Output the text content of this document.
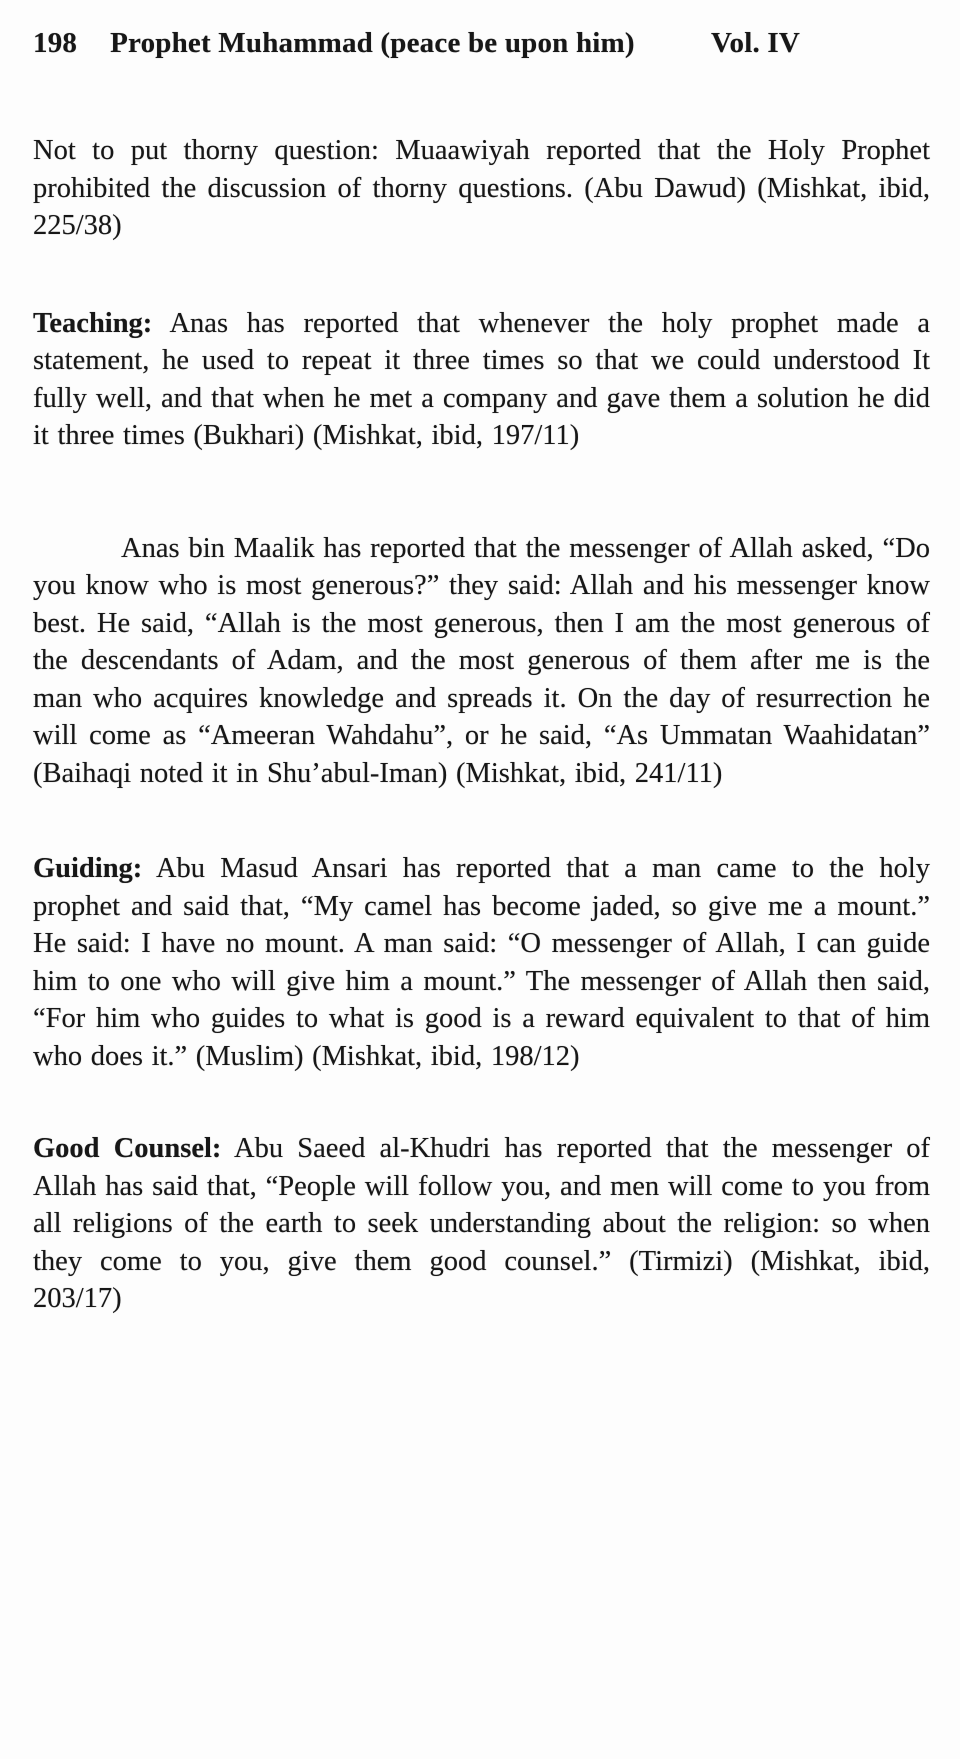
198 Prophet Muhammad (peace be upon him)	Vol. IV

Not to put thorny question: Muaawiyah reported that the Holy Prophet prohibited the discussion of thorny questions. (Abu Dawud) (Mishkat, ibid, 225/38)

Teaching: Anas has reported that whenever the holy prophet made a statement, he used to repeat it three times so that we could understood It fully well, and that when he met a company and gave them a solution he did it three times (Bukhari) (Mishkat, ibid, 197/11)

Anas bin Maalik has reported that the messenger of Allah asked, “Do you know who is most generous?” they said: Allah and his messenger know best. He said, “Allah is the most generous, then I am the most generous of the descendants of Adam, and the most generous of them after me is the man who acquires knowledge and spreads it. On the day of resurrection he will come as “Ameeran Wahdahu”, or he said, “As Ummatan Waahidatan” (Baihaqi noted it in Shu’abul-Iman) (Mishkat, ibid, 241/11)

Guiding: Abu Masud Ansari has reported that a man came to the holy prophet and said that, “My camel has become jaded, so give me a mount.” He said: I have no mount. A man said: “O messenger of Allah, I can guide him to one who will give him a mount.” The messenger of Allah then said, “For him who guides to what is good is a reward equivalent to that of him who does it.” (Muslim) (Mishkat, ibid, 198/12)

Good Counsel: Abu Saeed al-Khudri has reported that the messenger of Allah has said that, “People will follow you, and men will come to you from all religions of the earth to seek understanding about the religion: so when they come to you, give them good counsel.” (Tirmizi) (Mishkat, ibid, 203/17)
